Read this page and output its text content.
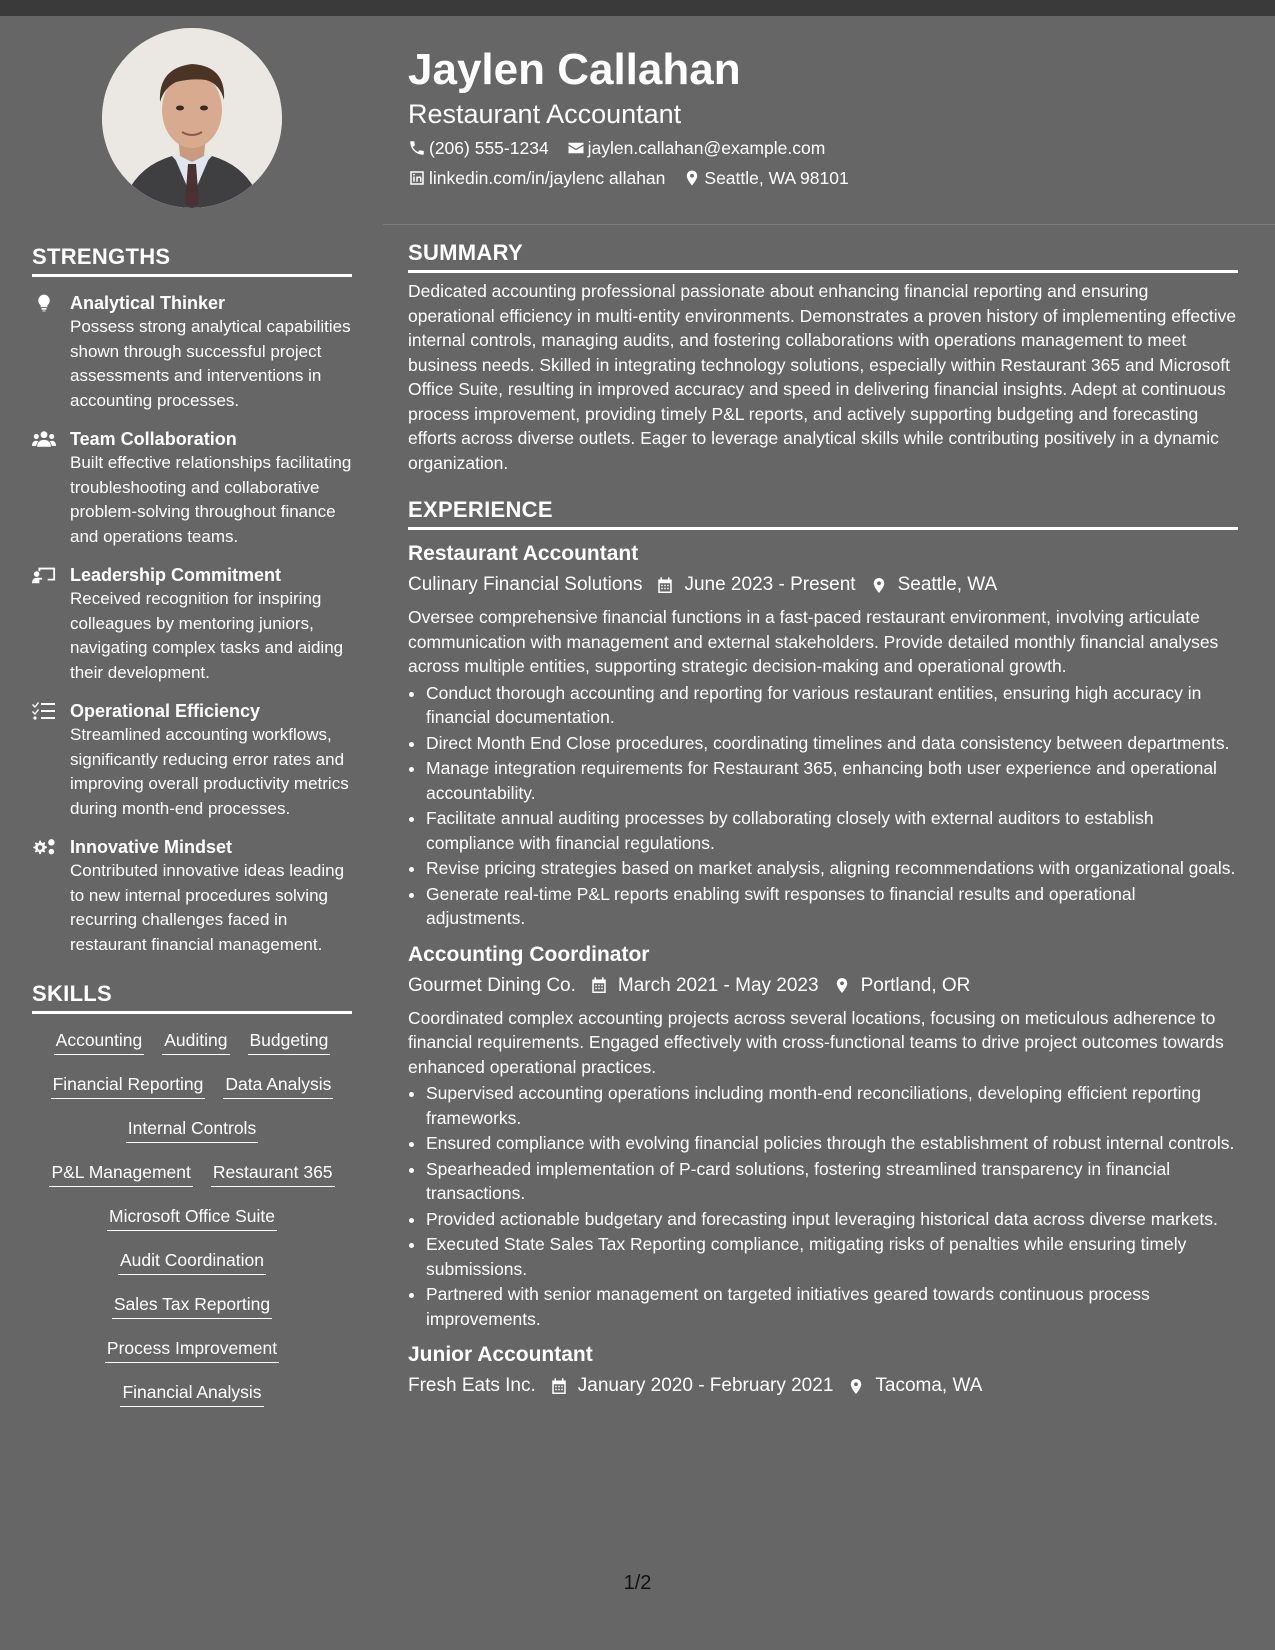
STRENGTHS
Analytical Thinker
Possess strong analytical capabilities shown through successful project assessments and interventions in accounting processes.
Team Collaboration
Built effective relationships facilitating troubleshooting and collaborative problem-solving throughout finance and operations teams.
Leadership Commitment
Received recognition for inspiring colleagues by mentoring juniors, navigating complex tasks and aiding their development.
Operational Efficiency
Streamlined accounting workflows, significantly reducing error rates and improving overall productivity metrics during month-end processes.
Innovative Mindset
Contributed innovative ideas leading to new internal procedures solving recurring challenges faced in restaurant financial management.
SKILLS
Accounting Auditing Budgeting
Financial Reporting Data Analysis
Internal Controls
P&L Management Restaurant 365
Microsoft Office Suite
Audit Coordination
Sales Tax Reporting
Process Improvement
Financial Analysis
Jaylen Callahan
Restaurant Accountant
(206) 555-1234 jaylen.callahan@example.com
linkedin.com/in/jaylenc allahan Seattle, WA 98101
SUMMARY
Dedicated accounting professional passionate about enhancing financial reporting and ensuring operational efficiency in multi-entity environments. Demonstrates a proven history of implementing effective internal controls, managing audits, and fostering collaborations with operations management to meet business needs. Skilled in integrating technology solutions, especially within Restaurant 365 and Microsoft Office Suite, resulting in improved accuracy and speed in delivering financial insights. Adept at continuous process improvement, providing timely P&L reports, and actively supporting budgeting and forecasting efforts across diverse outlets. Eager to leverage analytical skills while contributing positively in a dynamic organization.
EXPERIENCE
Restaurant Accountant
Culinary Financial Solutions June 2023 - Present Seattle, WA
Oversee comprehensive financial functions in a fast-paced restaurant environment, involving articulate communication with management and external stakeholders. Provide detailed monthly financial analyses across multiple entities, supporting strategic decision-making and operational growth.
• Conduct thorough accounting and reporting for various restaurant entities, ensuring high accuracy in financial documentation.
• Direct Month End Close procedures, coordinating timelines and data consistency between departments.
• Manage integration requirements for Restaurant 365, enhancing both user experience and operational accountability.
• Facilitate annual auditing processes by collaborating closely with external auditors to establish compliance with financial regulations.
• Revise pricing strategies based on market analysis, aligning recommendations with organizational goals.
• Generate real-time P&L reports enabling swift responses to financial results and operational adjustments.
Accounting Coordinator
Gourmet Dining Co. March 2021 - May 2023 Portland, OR
Coordinated complex accounting projects across several locations, focusing on meticulous adherence to financial requirements. Engaged effectively with cross-functional teams to drive project outcomes towards enhanced operational practices.
• Supervised accounting operations including month-end reconciliations, developing efficient reporting frameworks.
• Ensured compliance with evolving financial policies through the establishment of robust internal controls.
• Spearheaded implementation of P-card solutions, fostering streamlined transparency in financial transactions.
• Provided actionable budgetary and forecasting input leveraging historical data across diverse markets.
• Executed State Sales Tax Reporting compliance, mitigating risks of penalties while ensuring timely submissions.
• Partnered with senior management on targeted initiatives geared towards continuous process improvements.
Junior Accountant
Fresh Eats Inc. January 2020 - February 2021 Tacoma, WA
1/2
